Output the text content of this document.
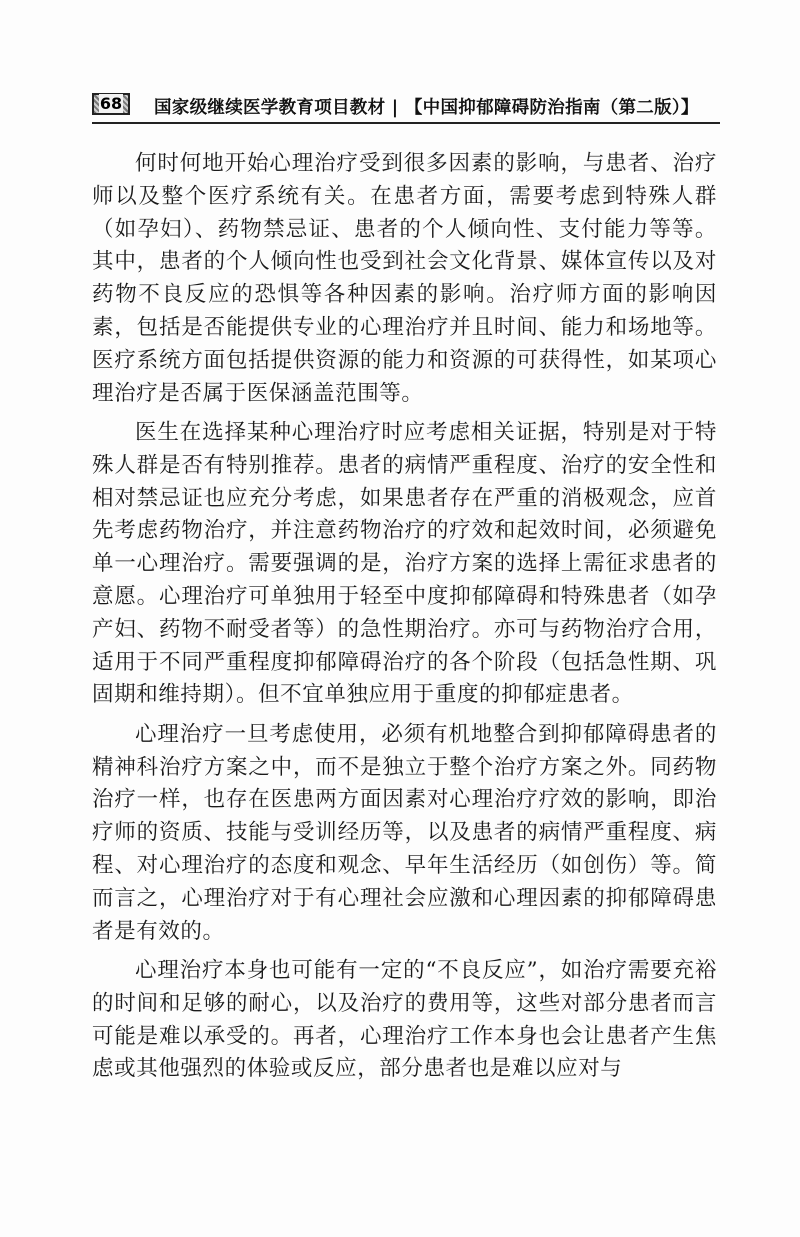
68	国家级继续医学教育项目教材 | 【中国抑郁障碍防治指南（第二版）】

何时何地开始心理治疗受到很多因素的影响，与患者、治疗师以及整个医疗系统有关。在患者方面，需要考虑到特殊人群（如孕妇）、药物禁忌证、患者的个人倾向性、支付能力等等。其中，患者的个人倾向性也受到社会文化背景、媒体宣传以及对药物不良反应的恐惧等各种因素的影响。治疗师方面的影响因素，包括是否能提供专业的心理治疗并且时间、能力和场地等。医疗系统方面包括提供资源的能力和资源的可获得性，如某项心理治疗是否属于医保涵盖范围等。

医生在选择某种心理治疗时应考虑相关证据，特别是对于特殊人群是否有特别推荐。患者的病情严重程度、治疗的安全性和相对禁忌证也应充分考虑，如果患者存在严重的消极观念，应首先考虑药物治疗，并注意药物治疗的疗效和起效时间，必须避免单一心理治疗。需要强调的是，治疗方案的选择上需征求患者的意愿。心理治疗可单独用于轻至中度抑郁障碍和特殊患者（如孕产妇、药物不耐受者等）的急性期治疗。亦可与药物治疗合用，适用于不同严重程度抑郁障碍治疗的各个阶段（包括急性期、巩固期和维持期）。但不宜单独应用于重度的抑郁症患者。

心理治疗一旦考虑使用，必须有机地整合到抑郁障碍患者的精神科治疗方案之中，而不是独立于整个治疗方案之外。同药物治疗一样，也存在医患两方面因素对心理治疗疗效的影响，即治疗师的资质、技能与受训经历等，以及患者的病情严重程度、病程、对心理治疗的态度和观念、早年生活经历（如创伤）等。简而言之，心理治疗对于有心理社会应激和心理因素的抑郁障碍患者是有效的。

心理治疗本身也可能有一定的“不良反应”，如治疗需要充裕的时间和足够的耐心，以及治疗的费用等，这些对部分患者而言可能是难以承受的。再者，心理治疗工作本身也会让患者产生焦虑或其他强烈的体验或反应，部分患者也是难以应对与
